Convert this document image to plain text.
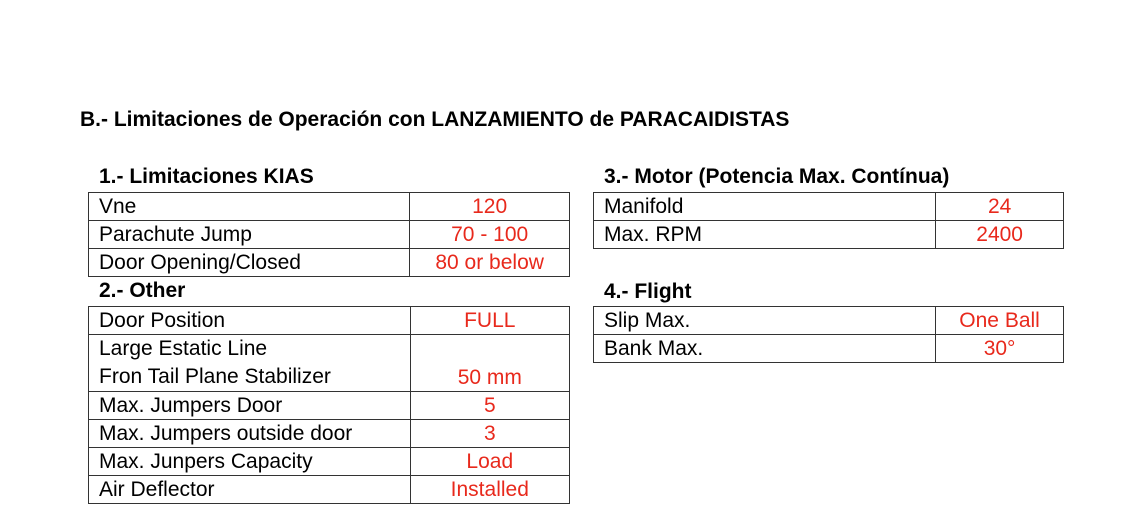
B.- Limitaciones de Operación con LANZAMIENTO de PARACAIDISTAS
1.- Limitaciones KIAS
Vne	120
Parachute Jump	70 - 100
Door Opening/Closed	80 or below
2.- Other
Door Position	FULL

Large Estatic Line
Fron Tail Plane Stabilizer	50 mm
Max. Jumpers Door	5
Max. Jumpers outside door	3
Max. Junpers Capacity	Load
Air Deflector	Installed
3.- Motor (Potencia Max. Contínua)
Manifold	24
Max. RPM	2400
4.- Flight
Slip Max.	One Ball
Bank Max.	30°
